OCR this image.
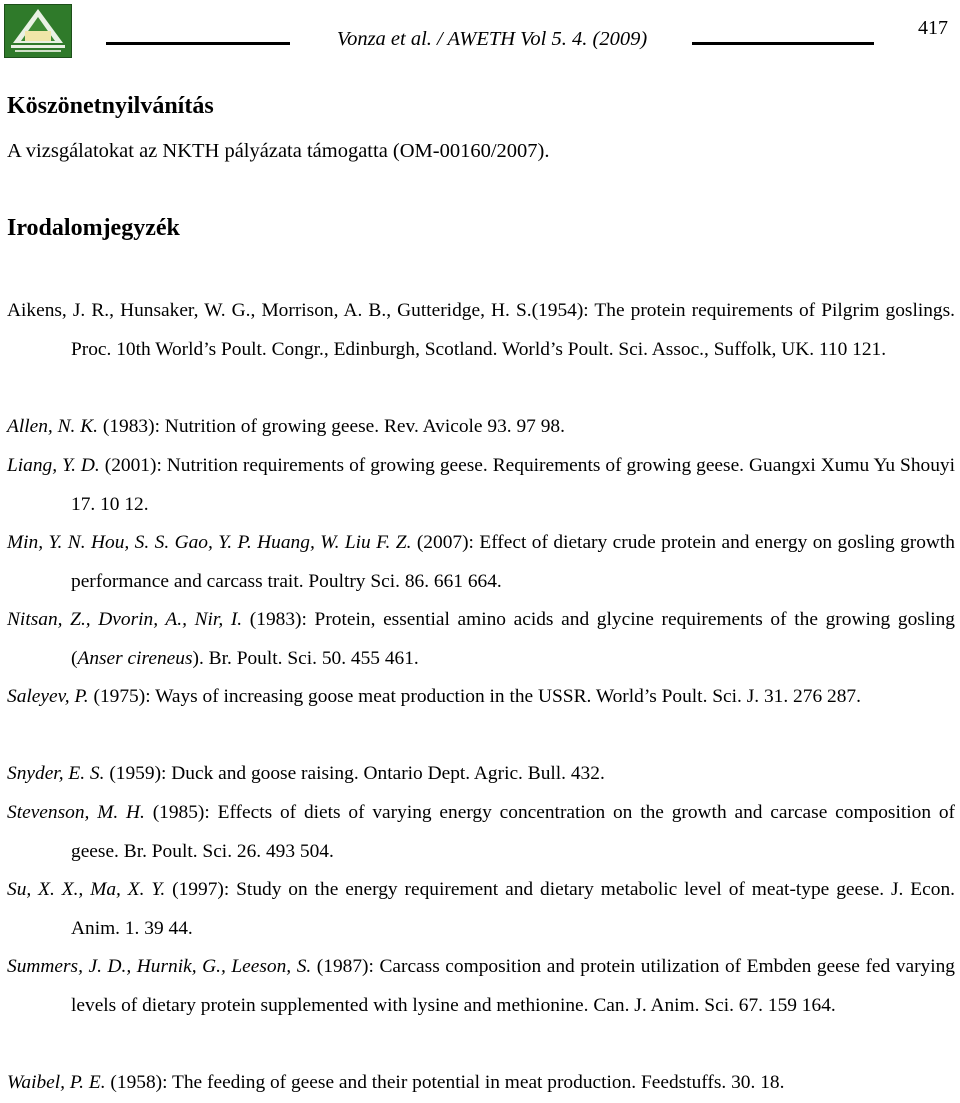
Vonza et al. / AWETH Vol 5. 4. (2009)	417
Köszönetnyilvánítás
A vizsgálatokat az NKTH pályázata támogatta (OM-00160/2007).
Irodalomjegyzék

Aikens, J. R., Hunsaker, W. G., Morrison, A. B., Gutteridge, H. S.(1954): The protein requirements of Pilgrim goslings. Proc. 10th World’s Poult. Congr., Edinburgh, Scotland. World’s Poult. Sci. Assoc., Suffolk, UK. 110 121.

Allen, N. K. (1983): Nutrition of growing geese. Rev. Avicole 93. 97 98.

Liang, Y. D. (2001): Nutrition requirements of growing geese. Requirements of growing geese. Guangxi Xumu Yu Shouyi 17. 10 12.

Min, Y. N. Hou, S. S. Gao, Y. P. Huang, W. Liu F. Z. (2007): Effect of dietary crude protein and energy on gosling growth performance and carcass trait. Poultry Sci. 86. 661 664.

Nitsan, Z., Dvorin, A., Nir, I. (1983): Protein, essential amino acids and glycine requirements of the growing gosling (Anser cireneus). Br. Poult. Sci. 50. 455 461.

Saleyev, P. (1975): Ways of increasing goose meat production in the USSR. World’s Poult. Sci. J. 31. 276 287.

Snyder, E. S. (1959): Duck and goose raising. Ontario Dept. Agric. Bull. 432.

Stevenson, M. H. (1985): Effects of diets of varying energy concentration on the growth and carcase composition of geese. Br. Poult. Sci. 26. 493 504.

Su, X. X., Ma, X. Y. (1997): Study on the energy requirement and dietary metabolic level of meat-type geese. J. Econ. Anim. 1. 39 44.

Summers, J. D., Hurnik, G., Leeson, S. (1987): Carcass composition and protein utilization of Embden geese fed varying levels of dietary protein supplemented with lysine and methionine. Can. J. Anim. Sci. 67. 159 164.

Waibel, P. E. (1958): The feeding of geese and their potential in meat production. Feedstuffs. 30. 18.
